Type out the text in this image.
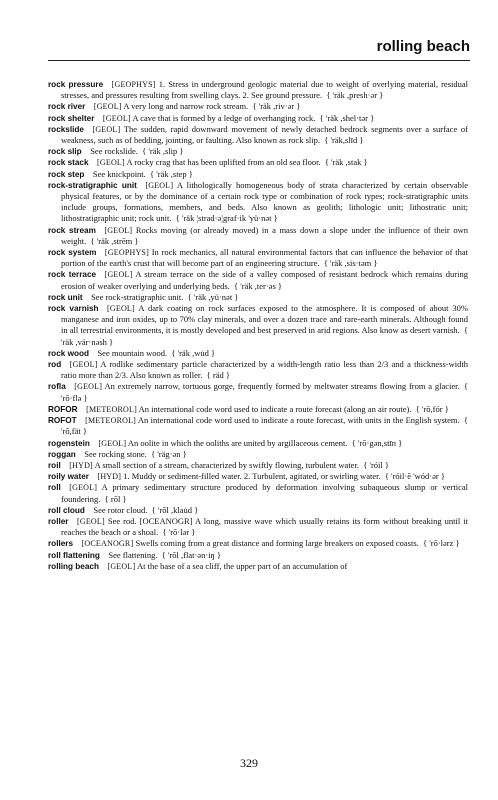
rolling beach

rock pressure  [GEOPHYS] 1. Stress in underground geologic material due to weight of overlying material, residual stresses, and pressures resulting from swelling clays. 2. See ground pressure.  { 'räk ,presh·ər }

rock river  [GEOL] A very long and narrow rock stream.  { 'räk ,riv·ər }

rock shelter  [GEOL] A cave that is formed by a ledge of overhanging rock.  { 'räk ,shel·tər }

rockslide  [GEOL] The sudden, rapid downward movement of newly detached bedrock segments over a surface of weakness, such as of bedding, jointing, or faulting. Also known as rock slip.  { 'räk,slīd }

rock slip  See rockslide.  { 'räk ,slip }

rock stack  [GEOL] A rocky crag that has been uplifted from an old sea floor.  { 'räk ,stak }

rock step  See knickpoint.  { 'räk ,step }

rock-stratigraphic unit  [GEOL] A lithologically homogeneous body of strata characterized by certain observable physical features, or by the dominance of a certain rock type or combination of rock types; rock-stratigraphic units include groups, formations, members, and beds. Also known as geolith; lithologic unit; lithostratic unit; lithostratigraphic unit; rock unit.  { 'räk ¦strad·ə¦graf·ik 'yü·nət }

rock stream  [GEOL] Rocks moving (or already moved) in a mass down a slope under the influence of their own weight.  { 'räk ,strēm }

rock system  [GEOPHYS] In rock mechanics, all natural environmental factors that can influence the behavior of that portion of the earth's crust that will become part of an engineering structure.  { 'räk ,sis·təm }

rock terrace  [GEOL] A stream terrace on the side of a valley composed of resistant bedrock which remains during erosion of weaker overlying and underlying beds.  { 'räk ,ter·əs }

rock unit  See rock-stratigraphic unit.  { 'räk ,yü·nət }

rock varnish  [GEOL] A dark coating on rock surfaces exposed to the atmosphere. It is composed of about 30% manganese and iron oxides, up to 70% clay minerals, and over a dozen trace and rare-earth minerals. Although found in all terrestrial environments, it is mostly developed and best preserved in arid regions. Also know as desert varnish.  { 'räk ,vär·nəsh }

rock wood  See mountain wood.  { 'räk ,wu̇d }

rod  [GEOL] A rodlike sedimentary particle characterized by a width-length ratio less than 2/3 and a thickness-width ratio more than 2/3. Also known as roller.  { räd }

rofla  [GEOL] An extremely narrow, tortuous gorge, frequently formed by meltwater streams flowing from a glacier.  { 'rō·flə }

ROFOR  [METEOROL] An international code word used to indicate a route forecast (along an air route).  { 'rō,fór }

ROFOT  [METEOROL] An international code word used to indicate a route forecast, with units in the English system.  { 'rō,fät }

rogenstein  [GEOL] An oolite in which the ooliths are united by argillaceous cement.  { 'rō·gən,stīn }

roggan  See rocking stone.  { 'räg·ən }

roil  [HYD] A small section of a stream, characterized by swiftly flowing, turbulent water.  { 'róil }

roily water  [HYD] 1. Muddy or sediment-filled water. 2. Turbulent, agitated, or swirling water.  { 'róil·ē 'wód·ər }

roll  [GEOL] A primary sedimentary structure produced by deformation involving subaqueous slump or vertical foundering.  { rōl }

roll cloud  See rotor cloud.  { 'rōl ,klau̇d }

roller  [GEOL] See rod. [OCEANOGR] A long, massive wave which usually retains its form without breaking until it reaches the beach or a shoal.  { 'rō·lər }

rollers  [OCEANOGR] Swells coming from a great distance and forming large breakers on exposed coasts.  { 'rō·lərz }

roll flattening  See flattening.  { 'rōl ,flat·ən·iŋ }

rolling beach  [GEOL] At the base of a sea cliff, the upper part of an accumulation of

329
